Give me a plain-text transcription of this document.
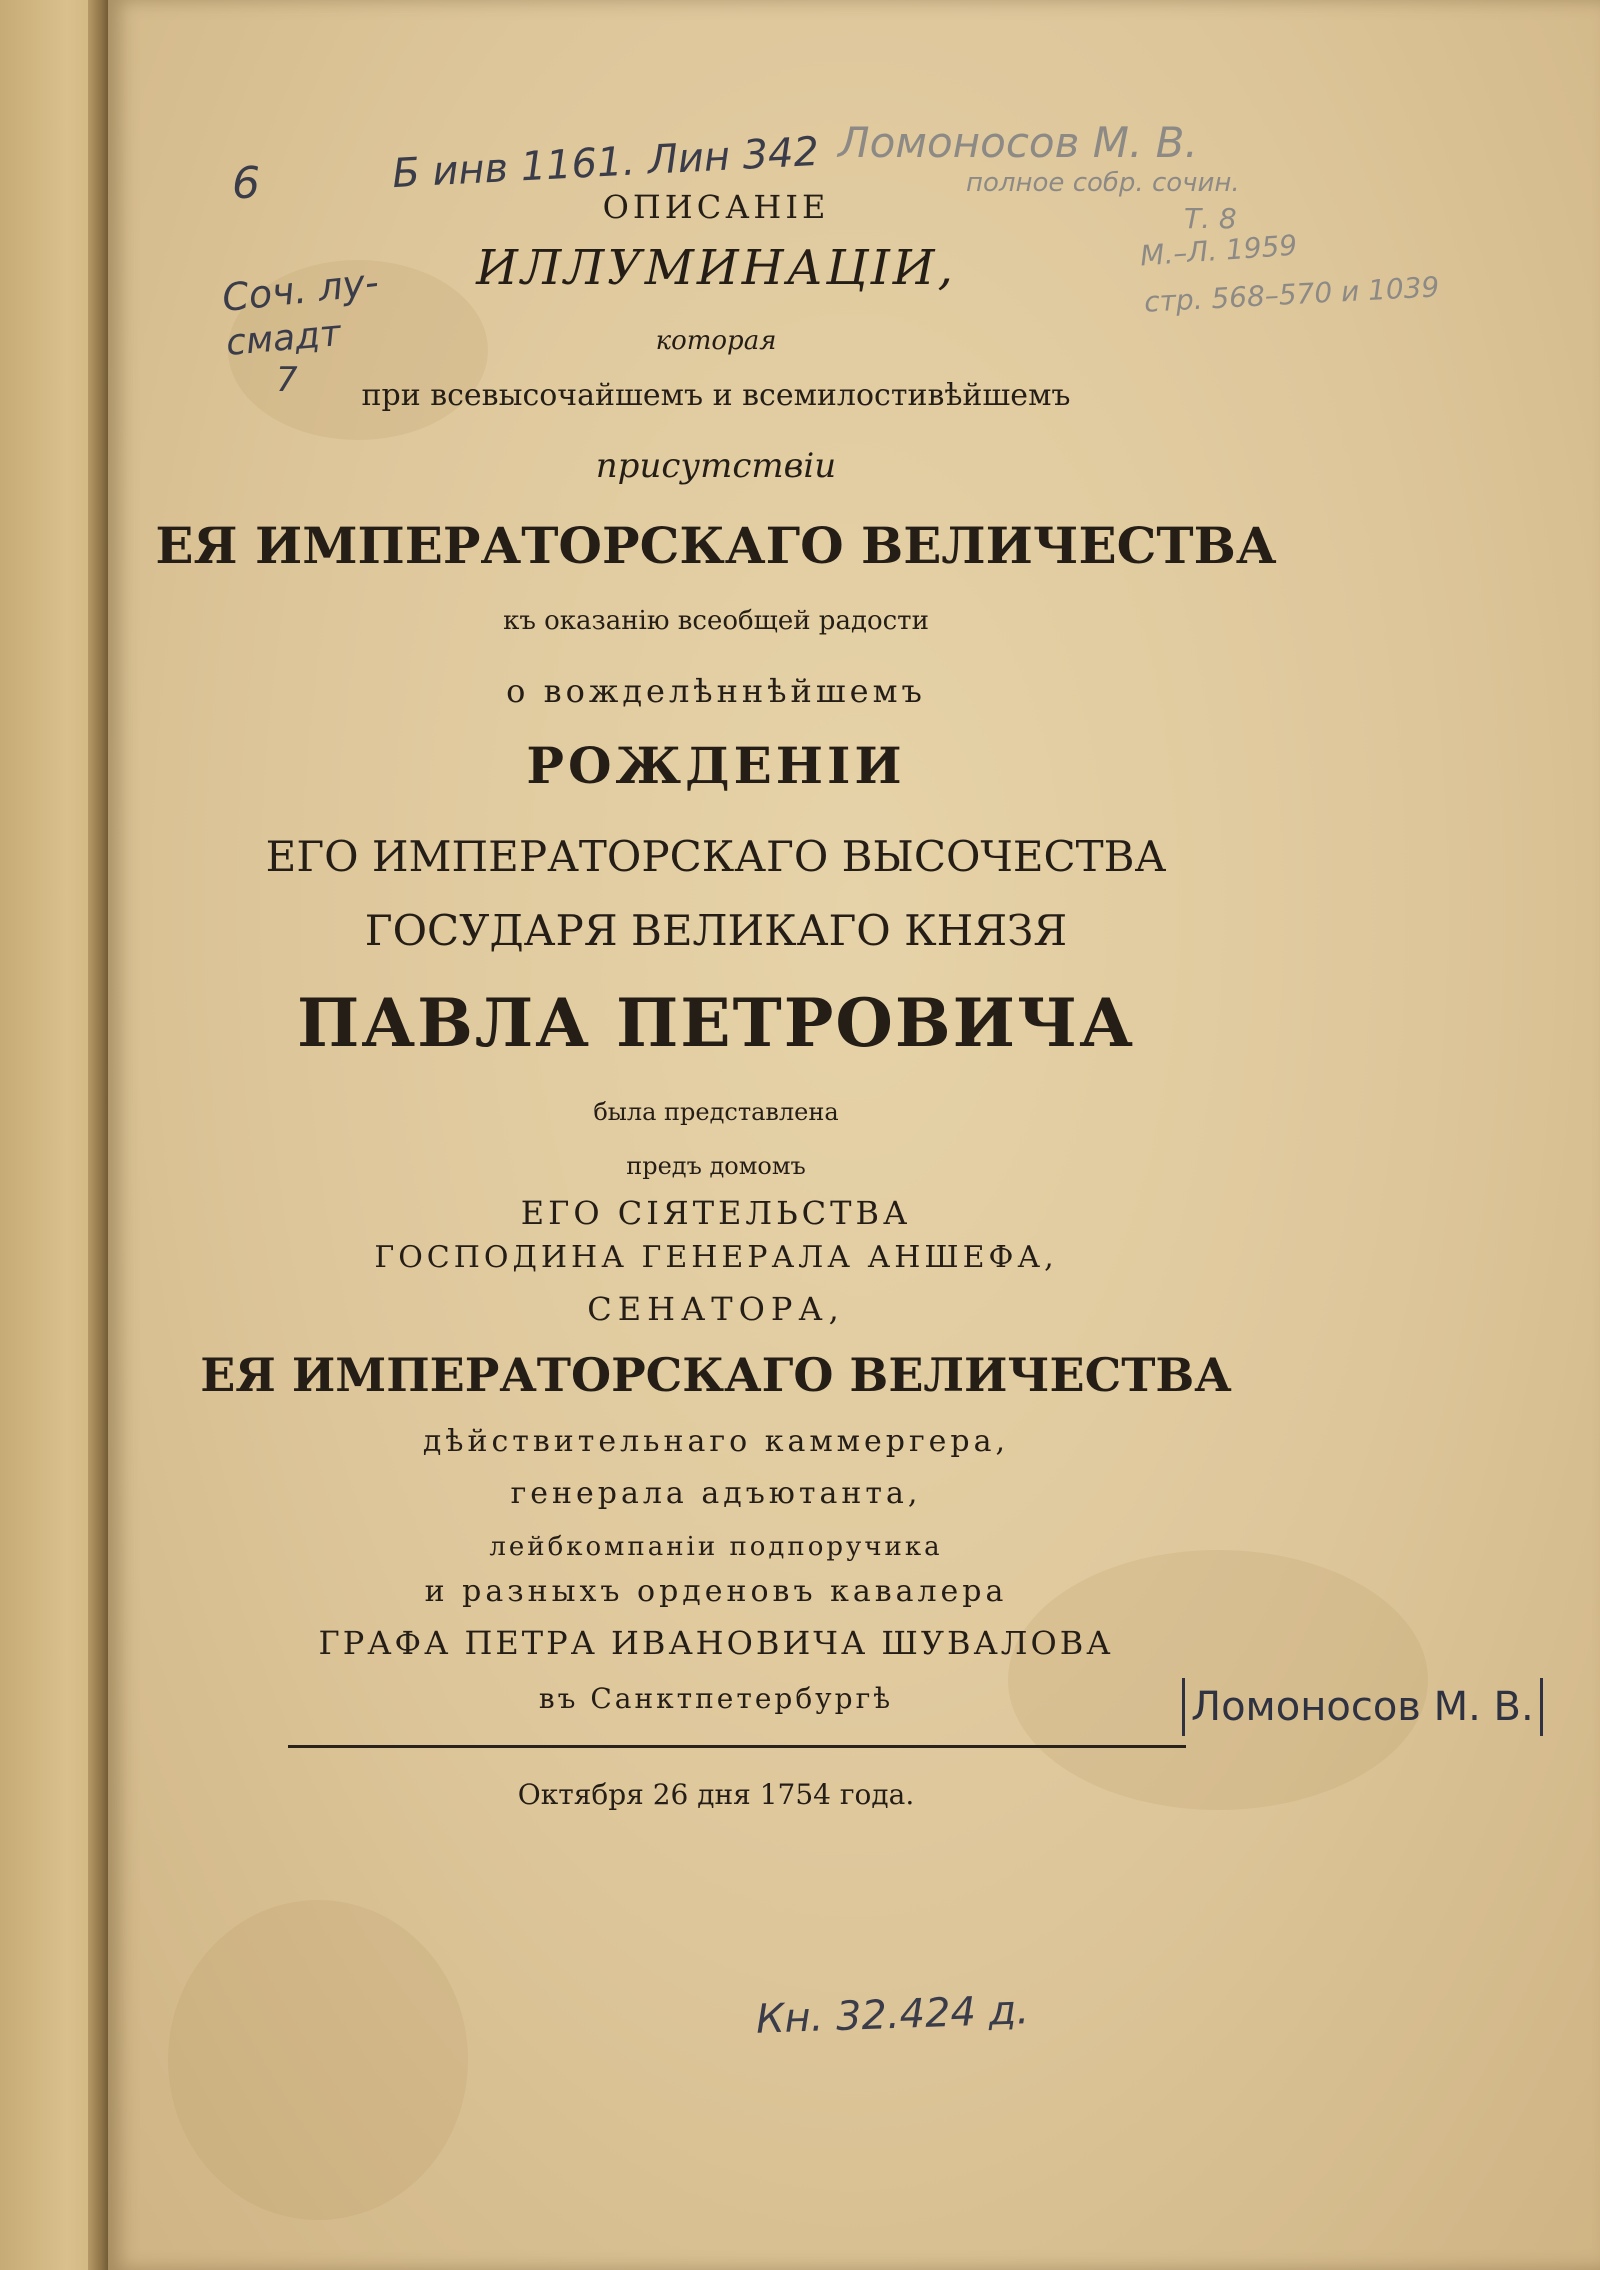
6	Б инв 1161. Лин 342
Соч. лу-
смадт
7
Ломоносов М. В.
полное собр. сочин.
Т. 8
М.–Л. 1959
стр. 568–570 и 1039
Ломоносов М. В.
Кн. 32.424 д.
ОПИСАНІЕ
ИЛЛУМИНАЦІИ,
которая
при всевысочайшемъ и всемилостивѣйшемъ
присутствіи
ЕЯ ИМПЕРАТОРСКАГО ВЕЛИЧЕСТВА
къ оказанію всеобщей радости
о вожделѣннѣйшемъ
РОЖДЕНІИ
ЕГО ИМПЕРАТОРСКАГО ВЫСОЧЕСТВА
ГОСУДАРЯ ВЕЛИКАГО КНЯЗЯ
ПАВЛА ПЕТРОВИЧА
была представлена
предъ домомъ
ЕГО СІЯТЕЛЬСТВА
ГОСПОДИНА ГЕНЕРАЛА АНШЕФА,
СЕНАТОРА,
ЕЯ ИМПЕРАТОРСКАГО ВЕЛИЧЕСТВА
дѣйствительнаго каммергера,
генерала адъютанта,
лейбкомпаніи подпоручика
и разныхъ орденовъ кавалера
ГРАФА ПЕТРА ИВАНОВИЧА ШУВАЛОВА
въ Санктпетербургѣ
Октября 26 дня 1754 года.
